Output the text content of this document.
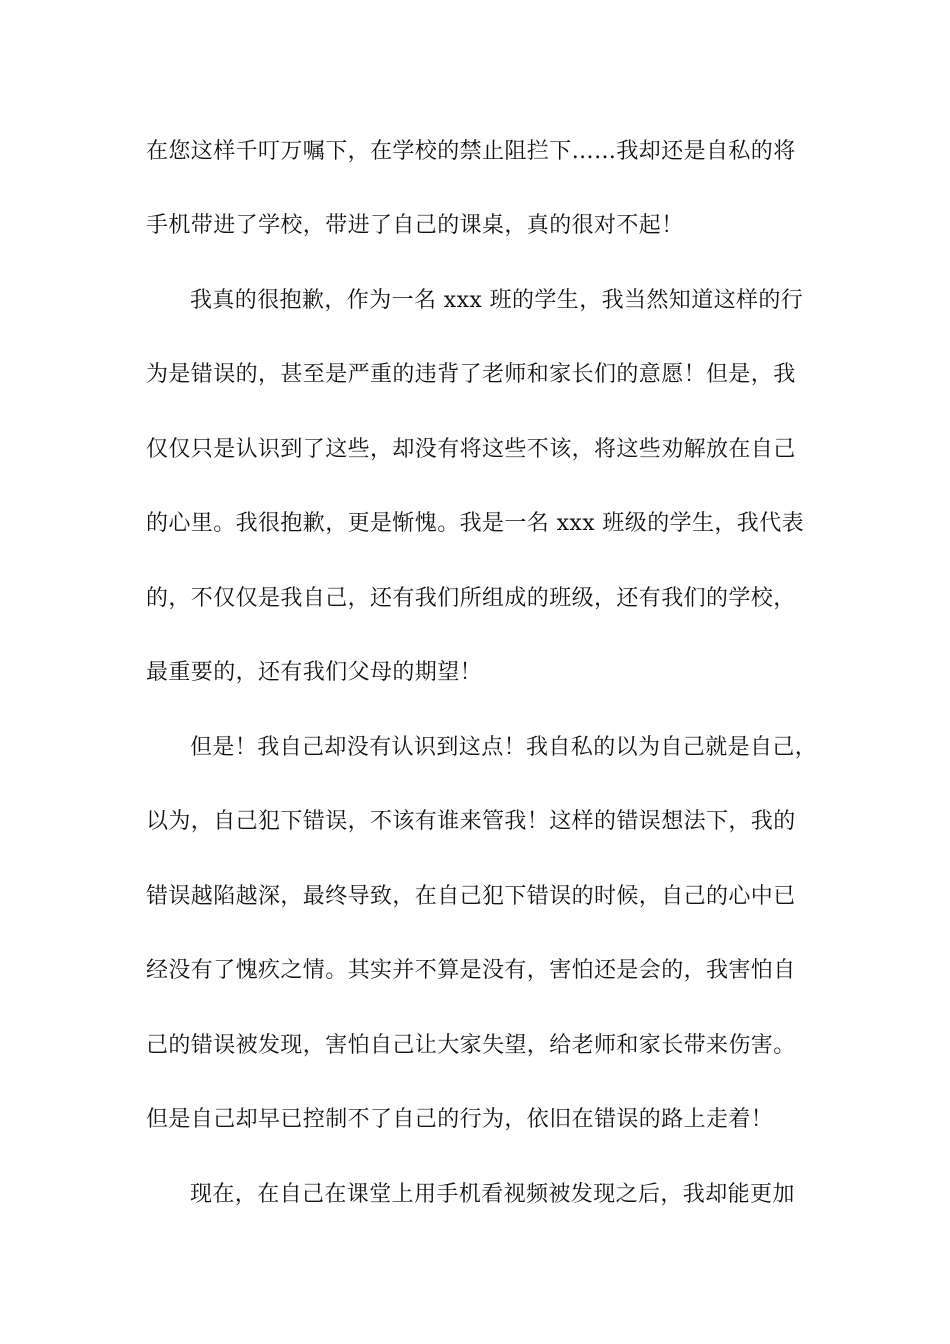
在您这样千叮万嘱下，在学校的禁止阻拦下……我却还是自私的将
手机带进了学校，带进了自己的课桌，真的很对不起！
我真的很抱歉，作为一名 xxx 班的学生，我当然知道这样的行
为是错误的，甚至是严重的违背了老师和家长们的意愿！但是，我
仅仅只是认识到了这些，却没有将这些不该，将这些劝解放在自己
的心里。我很抱歉，更是惭愧。我是一名 xxx 班级的学生，我代表
的，不仅仅是我自己，还有我们所组成的班级，还有我们的学校，
最重要的，还有我们父母的期望！
但是！我自己却没有认识到这点！我自私的以为自己就是自己，
以为，自己犯下错误，不该有谁来管我！这样的错误想法下，我的
错误越陷越深，最终导致，在自己犯下错误的时候，自己的心中已
经没有了愧疚之情。其实并不算是没有，害怕还是会的，我害怕自
己的错误被发现，害怕自己让大家失望，给老师和家长带来伤害。
但是自己却早已控制不了自己的行为，依旧在错误的路上走着！
现在，在自己在课堂上用手机看视频被发现之后，我却能更加
